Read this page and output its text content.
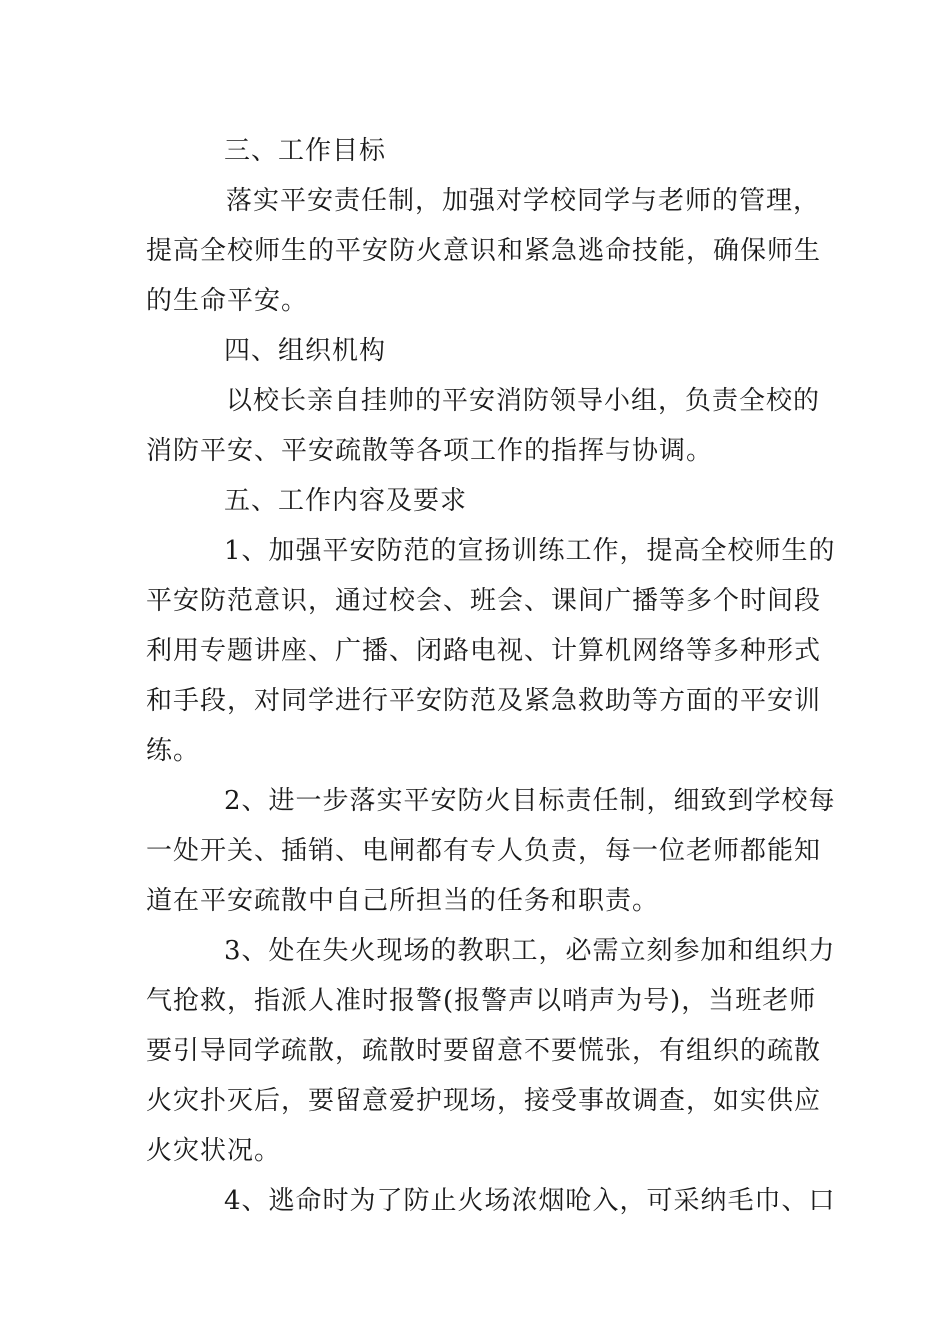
三、工作目标
落实平安责任制，加强对学校同学与老师的管理，
提高全校师生的平安防火意识和紧急逃命技能，确保师生
的生命平安。
四、组织机构
以校长亲自挂帅的平安消防领导小组，负责全校的
消防平安、平安疏散等各项工作的指挥与协调。
五、工作内容及要求
1、加强平安防范的宣扬训练工作，提高全校师生的
平安防范意识，通过校会、班会、课间广播等多个时间段
利用专题讲座、广播、闭路电视、计算机网络等多种形式
和手段，对同学进行平安防范及紧急救助等方面的平安训
练。
2、进一步落实平安防火目标责任制，细致到学校每
一处开关、插销、电闸都有专人负责，每一位老师都能知
道在平安疏散中自己所担当的任务和职责。
3、处在失火现场的教职工，必需立刻参加和组织力
气抢救，指派人准时报警(报警声以哨声为号)，当班老师
要引导同学疏散，疏散时要留意不要慌张，有组织的疏散
火灾扑灭后，要留意爱护现场，接受事故调查，如实供应
火灾状况。
4、逃命时为了防止火场浓烟呛入，可采纳毛巾、口
